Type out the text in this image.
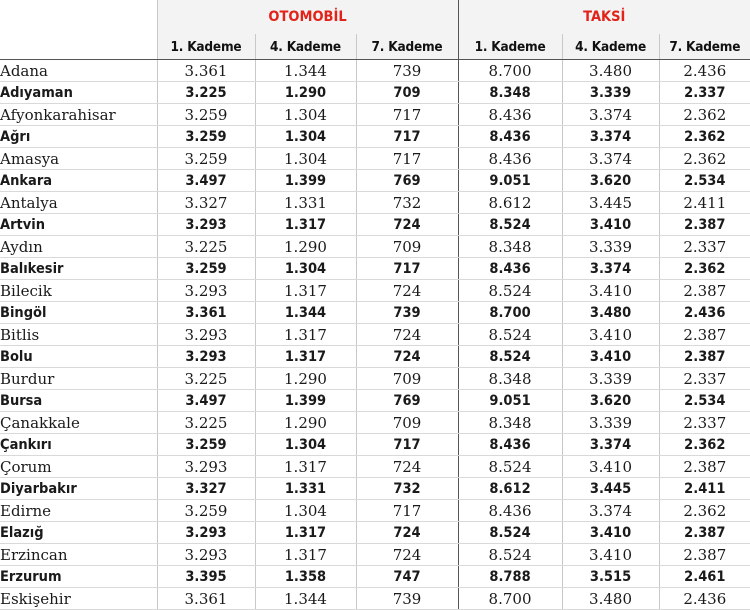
	OTOMOBİL			TAKSİ		
	1. Kademe	4. Kademe	7. Kademe	1. Kademe	4. Kademe	7. Kademe
Adana	3.361	1.344	739	8.700	3.480	2.436
Adıyaman	3.225	1.290	709	8.348	3.339	2.337
Afyonkarahisar	3.259	1.304	717	8.436	3.374	2.362
Ağrı	3.259	1.304	717	8.436	3.374	2.362
Amasya	3.259	1.304	717	8.436	3.374	2.362
Ankara	3.497	1.399	769	9.051	3.620	2.534
Antalya	3.327	1.331	732	8.612	3.445	2.411
Artvin	3.293	1.317	724	8.524	3.410	2.387
Aydın	3.225	1.290	709	8.348	3.339	2.337
Balıkesir	3.259	1.304	717	8.436	3.374	2.362
Bilecik	3.293	1.317	724	8.524	3.410	2.387
Bingöl	3.361	1.344	739	8.700	3.480	2.436
Bitlis	3.293	1.317	724	8.524	3.410	2.387
Bolu	3.293	1.317	724	8.524	3.410	2.387
Burdur	3.225	1.290	709	8.348	3.339	2.337
Bursa	3.497	1.399	769	9.051	3.620	2.534
Çanakkale	3.225	1.290	709	8.348	3.339	2.337
Çankırı	3.259	1.304	717	8.436	3.374	2.362
Çorum	3.293	1.317	724	8.524	3.410	2.387
Diyarbakır	3.327	1.331	732	8.612	3.445	2.411
Edirne	3.259	1.304	717	8.436	3.374	2.362
Elazığ	3.293	1.317	724	8.524	3.410	2.387
Erzincan	3.293	1.317	724	8.524	3.410	2.387
Erzurum	3.395	1.358	747	8.788	3.515	2.461
Eskişehir	3.361	1.344	739	8.700	3.480	2.436
